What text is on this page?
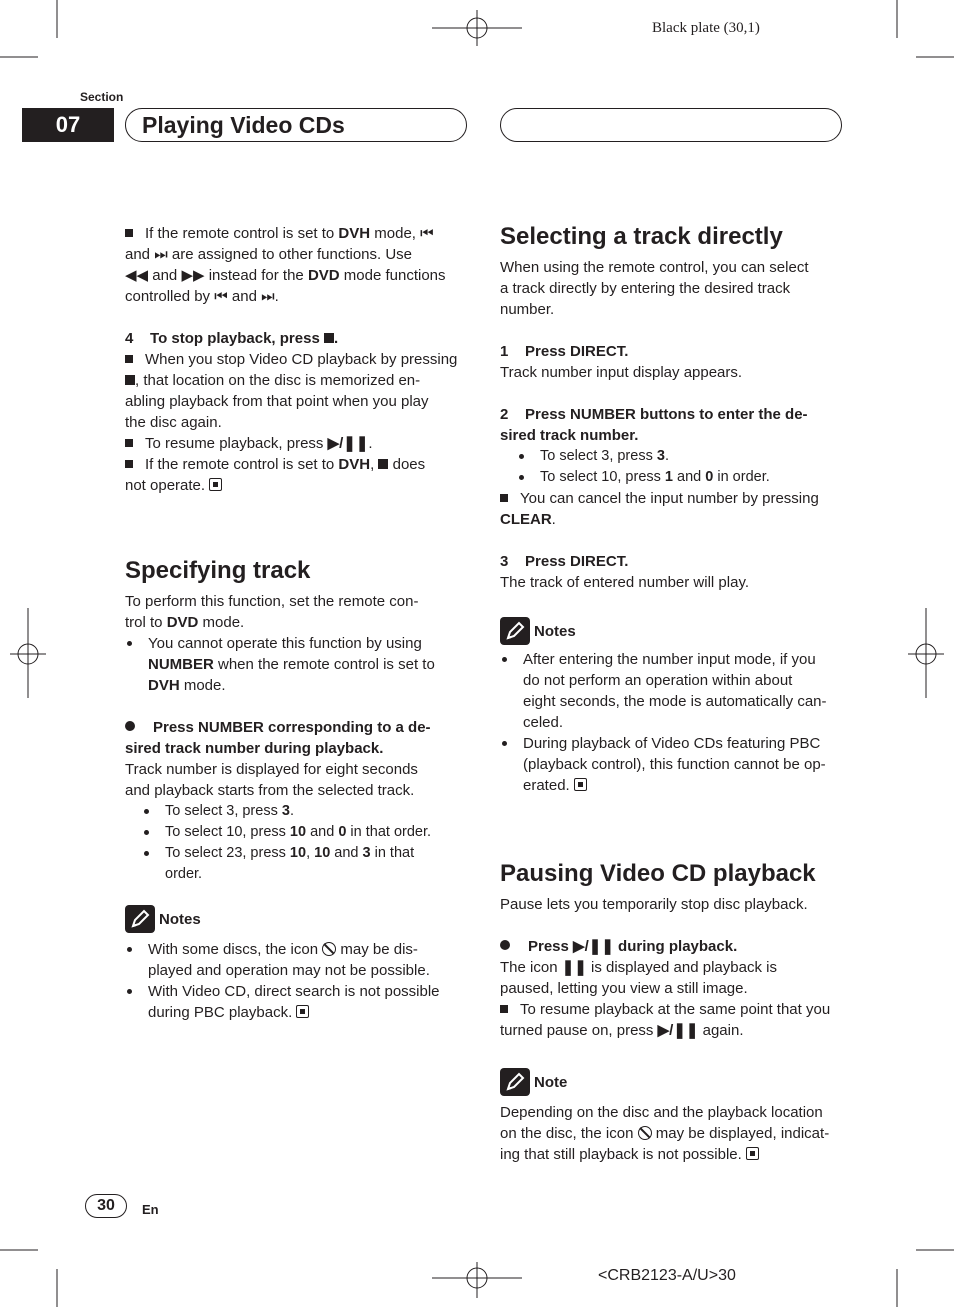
Black plate (30,1)
Section
07	Playing Video CDs

If the remote control is set to DVH mode, ⏮
and ⏭ are assigned to other functions. Use
◀◀ and ▶▶ instead for the DVD mode functions
controlled by ⏮ and ⏭.

4 To stop playback, press .

When you stop Video CD playback by pressing
, that location on the disc is memorized en-
abling playback from that point when you play
the disc again.

To resume playback, press ▶/❚❚.

If the remote control is set to DVH,  does
not operate.

Specifying track

To perform this function, set the remote con-
trol to DVD mode.

You cannot operate this function by using
NUMBER when the remote control is set to
DVH mode.

Press NUMBER corresponding to a de-
sired track number during playback.

Track number is displayed for eight seconds
and playback starts from the selected track.

To select 3, press 3.
To select 10, press 10 and 0 in that order.
To select 23, press 10, 10 and 3 in that
order.
Notes
With some discs, the icon  may be dis-
played and operation may not be possible.
With Video CD, direct search is not possible
during PBC playback.
30	En
Selecting a track directly

When using the remote control, you can select
a track directly by entering the desired track
number.

1 Press DIRECT.

Track number input display appears.

2 Press NUMBER buttons to enter the de-
sired track number.

To select 3, press 3.
To select 10, press 1 and 0 in order.

You can cancel the input number by pressing
CLEAR.

3 Press DIRECT.

The track of entered number will play.

Notes
After entering the number input mode, if you
do not perform an operation within about
eight seconds, the mode is automatically can-
celed.
During playback of Video CDs featuring PBC
(playback control), this function cannot be op-
erated.
Pausing Video CD playback

Pause lets you temporarily stop disc playback.

Press ▶/❚❚ during playback.

The icon ❚❚ is displayed and playback is
paused, letting you view a still image.

To resume playback at the same point that you
turned pause on, press ▶/❚❚ again.

Note

Depending on the disc and the playback location
on the disc, the icon  may be displayed, indicat-
ing that still playback is not possible.

<CRB2123-A/U>30
